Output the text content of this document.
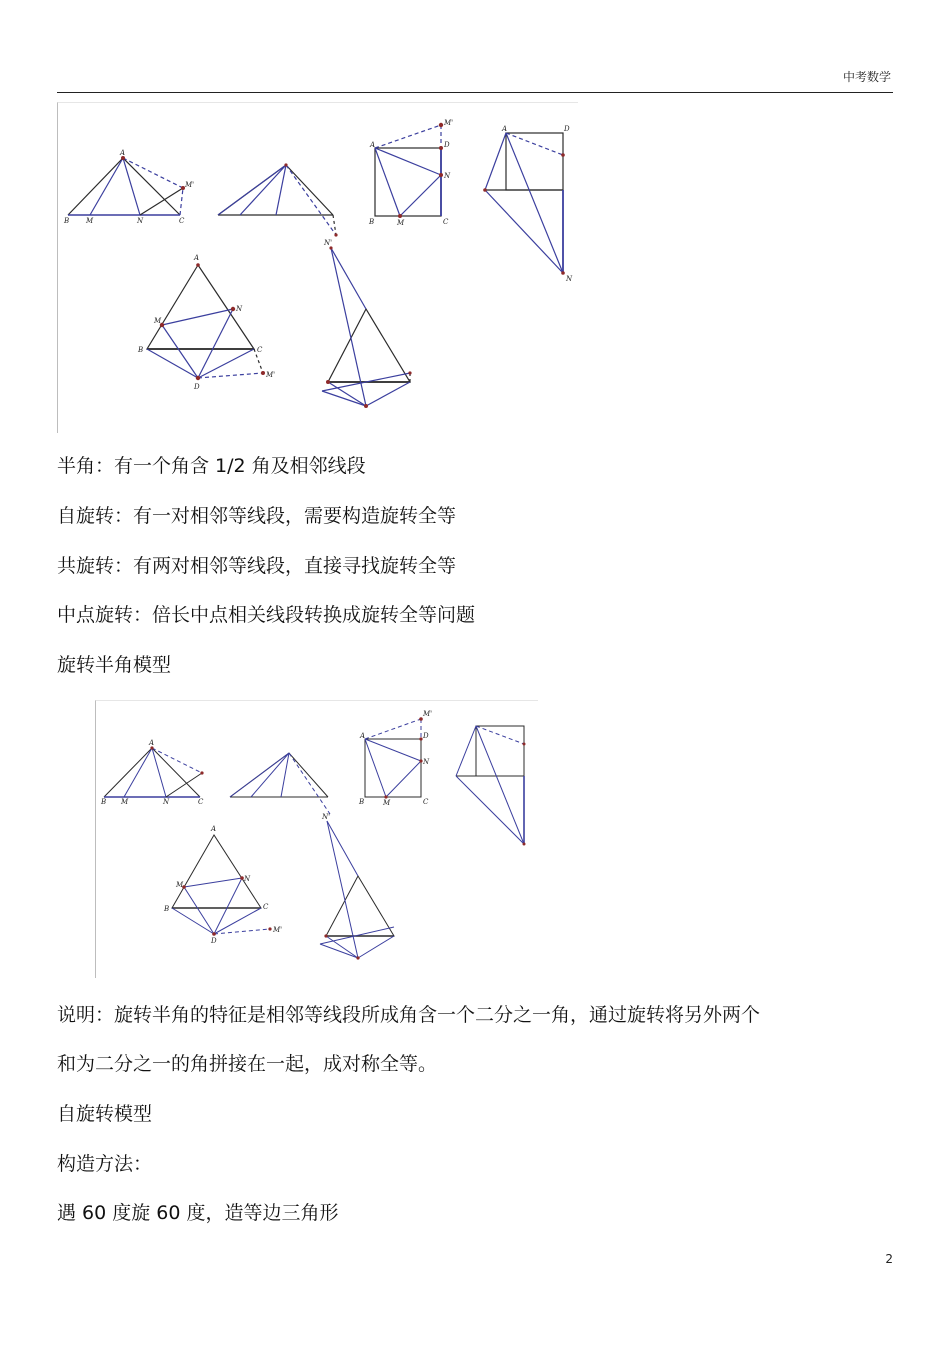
中考数学
A
B M	N	C
M'
A	D
M'
N
B	M	C
A
M
N
B	C
D
M'
N'
D
A
N
半角：有一个角含 1/2 角及相邻线段
自旋转：有一对相邻等线段，需要构造旋转全等
共旋转：有两对相邻等线段，直接寻找旋转全等
中点旋转：倍长中点相关线段转换成旋转全等问题
旋转半角模型
A
B M	N	C
A	D
M'
N
B	M	C
A
M
N
B	C
D
M'
N'
说明：旋转半角的特征是相邻等线段所成角含一个二分之一角，通过旋转将另外两个
和为二分之一的角拼接在一起，成对称全等。
自旋转模型
构造方法：
遇 60 度旋 60 度，造等边三角形
2
